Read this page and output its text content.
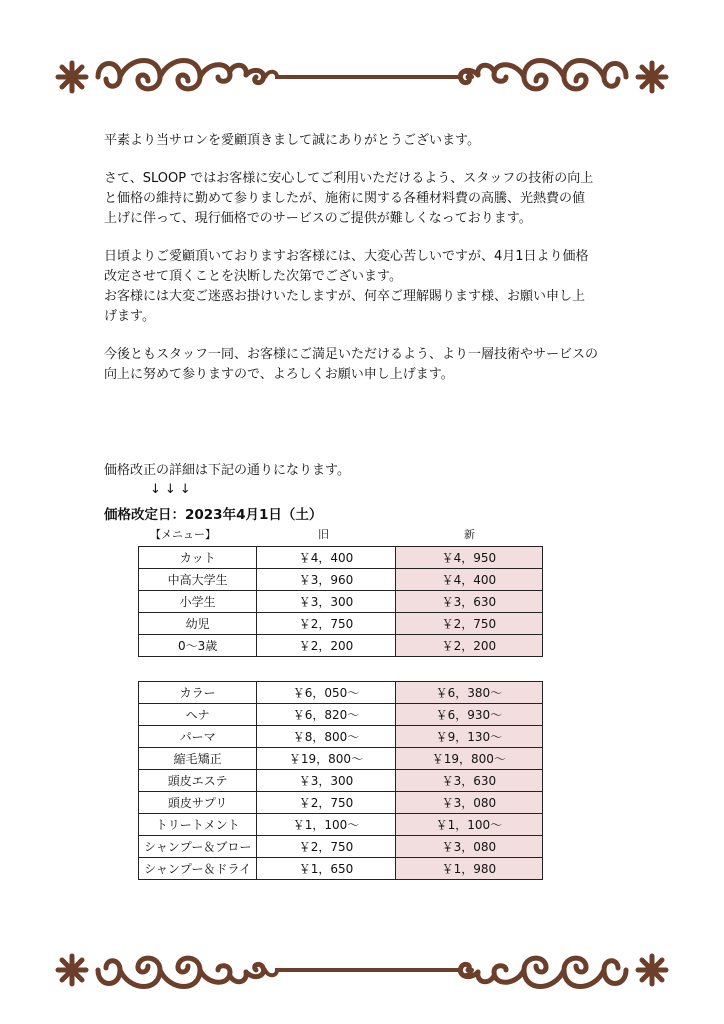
平素より当サロンを愛顧頂きまして誠にありがとうございます。

さて、SLOOP ではお客様に安心してご利用いただけるよう、スタッフの技術の向上
と価格の維持に勤めて参りましたが、施術に関する各種材料費の高騰、光熱費の値
上げに伴って、現行価格でのサービスのご提供が難しくなっております。

日頃よりご愛顧頂いておりますお客様には、大変心苦しいですが、4月1日より価格
改定させて頂くことを決断した次第でございます。

お客様には大変ご迷惑お掛けいたしますが、何卒ご理解賜ります様、お願い申し上
げます。

今後ともスタッフ一同、お客様にご満足いただけるよう、より一層技術やサービスの
向上に努めて参りますので、よろしくお願い申し上げます。

価格改正の詳細は下記の通りになります。
↓↓↓
価格改定日：2023年4月1日（土）
【メニュー】	旧	新
カット	￥4，400	￥4，950
中高大学生	￥3，960	￥4，400
小学生	￥3，300	￥3，630
幼児	￥2，750	￥2，750
0～3歳	￥2，200	￥2，200
カラー	￥6，050～	￥6，380～
ヘナ	￥6，820～	￥6，930～
パーマ	￥8，800～	￥9，130～
縮毛矯正	￥19，800～	￥19，800～
頭皮エステ	￥3，300	￥3，630
頭皮サプリ	￥2，750	￥3，080
トリートメント	￥1，100～	￥1，100～
シャンプー＆ブロー	￥2，750	￥3，080
シャンプー＆ドライ	￥1，650	￥1，980
